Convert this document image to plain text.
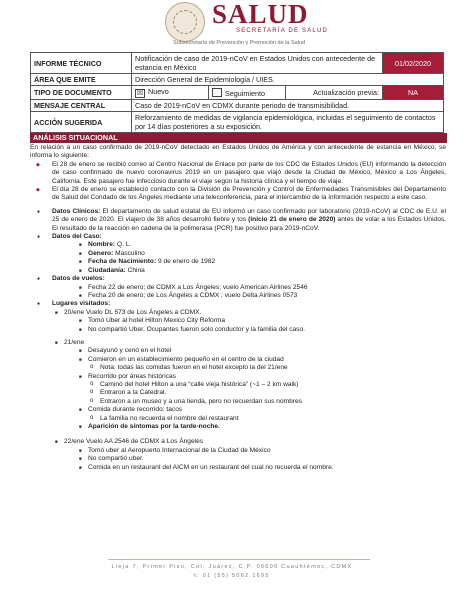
SALUD
SECRETARÍA DE SALUD
Subsecretaría de Prevención y Promoción de la Salud
INFORME TÉCNICO	Notificación de caso de 2019-nCoV en Estados Unidos con antecedente de estancia en México			01/02/2020
ÁREA QUE EMITE	Dirección General de Epidemiología / UIES.			
TIPO DE DOCUMENTO	☒ Nuevo	Seguimiento	Actualización previa:	NA
MENSAJE CENTRAL	Caso de 2019-nCoV en CDMX durante periodo de transmisibilidad.			
ACCIÓN SUGERIDA	Reforzamiento de medidas de vigilancia epidemiológica, incluidas el seguimiento de contactos por 14 días posteriores a su exposición.			
ANÁLISIS SITUACIONAL

En relación a un caso confirmado de 2019-nCoV detectado en Estados Unidos de América y con antecedente de estancia en México, se informa lo siguiente:

◆ El 28 de enero se recibió correo al Centro Nacional de Enlace por parte de los CDC de Estados Unidos (EU) informando la detección de caso confirmado de nuevo coronavirus 2019 en un pasajero que viajó desde la Ciudad de México, México a Los Ángeles, California. Este pasajero fue infeccioso durante el viaje según la historia clínica y el tiempo de viaje.
◆ El día 28 de enero se estableció contacto con la División de Prevención y Control de Enfermedades Transmisibles del Departamento de Salud del Condado de los Ángeles mediante una teleconferencia, para el intercambio de la información respecto a este caso.
● Datos Clínicos: El departamento de salud estatal de EU informó un caso confirmado por laboratorio (2019-nCoV) al CDC de E.U. el 25 de enero de 2020. El viajero de 38 años desarrolló fiebre y tos (inicio 21 de enero de 2020) antes de volar a los Estados Unidos. El resultado de la reacción en cadena de la polimerasa (PCR) fue positivo para 2019-nCoV.
● Datos del Caso:
■ Nombre: Q. L.
■ Genero: Masculino
■ Fecha de Nacimiento: 9 de enero de 1982
■ Ciudadanía: China
● Datos de vuelos:
■ Fecha 22 de enero; de CDMX a Los Ángeles; vuelo American Airlines 2546
■ Fecha 20 de enero; de Los Ángeles a CDMX ; vuelo Delta Airlines 0573
● Lugares visitados:
■ 20/ene Vuelo DL 573 de Los Ángeles a CDMX.
■ Tomó Uber al hotel Hilton Mexico City Reforma
■ No compartió Uber. Ocupantes fueron solo conductor y la familia del caso.
■ 21/ene
■ Desayunó y cenó en el hotel
■ Comieron en un establecimiento pequeño en el centro de la ciudad
o Nota: todas las comidas fueron en el hotel excepto la del 21/ene
■ Recorrido por áreas históricas
o Caminó del hotel Hilton a una “calle vieja histórica” (~1 – 2 km walk)
o Entraron a la Catedral.
o Entraron a un museo y a una tienda, pero no recuerdan sus nombres
■ Comida durante recorrido: tacos
o La familia no recuerda el nombre del restaurant
■ Aparición de síntomas por la tarde-noche.
■ 22/ene Vuelo AA 2546 de CDMX a Los Ángeles
■ Tomó uber al Aeropuerto Internacional de la Ciudad de México
■ No compartió uber.
■ Comida en un restaurant del AICM en un restaurant del cual no recuerda el nombre.
Lieja 7, Primer Piso, Col. Juárez, C.P. 06600 Cuauhtémoc, CDMX
t: 01 (55) 5062.1695
